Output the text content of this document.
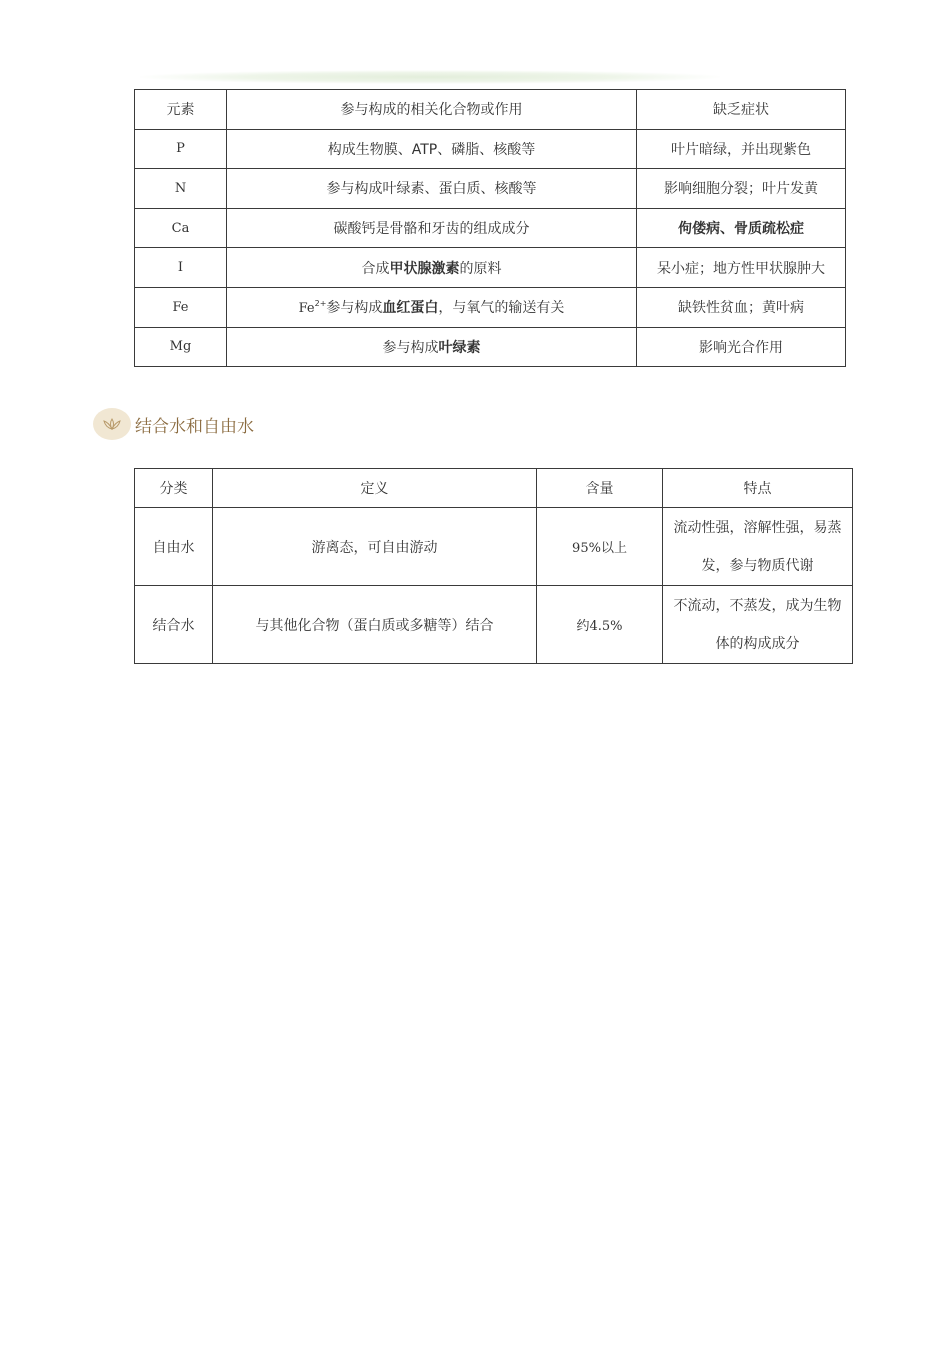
元素	参与构成的相关化合物或作用	缺乏症状
P	构成生物膜、ATP、磷脂、核酸等	叶片暗绿，并出现紫色
N	参与构成叶绿素、蛋白质、核酸等	影响细胞分裂；叶片发黄
Ca	碳酸钙是骨骼和牙齿的组成成分	佝偻病、骨质疏松症
I	合成甲状腺激素的原料	呆小症；地方性甲状腺肿大
Fe	$Fe^{2+}$参与构成血红蛋白，与氧气的输送有关	缺铁性贫血；黄叶病
Mg	参与构成叶绿素	影响光合作用
结合水和自由水
分类	定义	含量	特点
自由水	游离态，可自由游动	95%以上	流动性强，溶解性强，易蒸发，参与物质代谢
结合水	与其他化合物（蛋白质或多糖等）结合	约4.5%	不流动，不蒸发，成为生物体的构成成分
